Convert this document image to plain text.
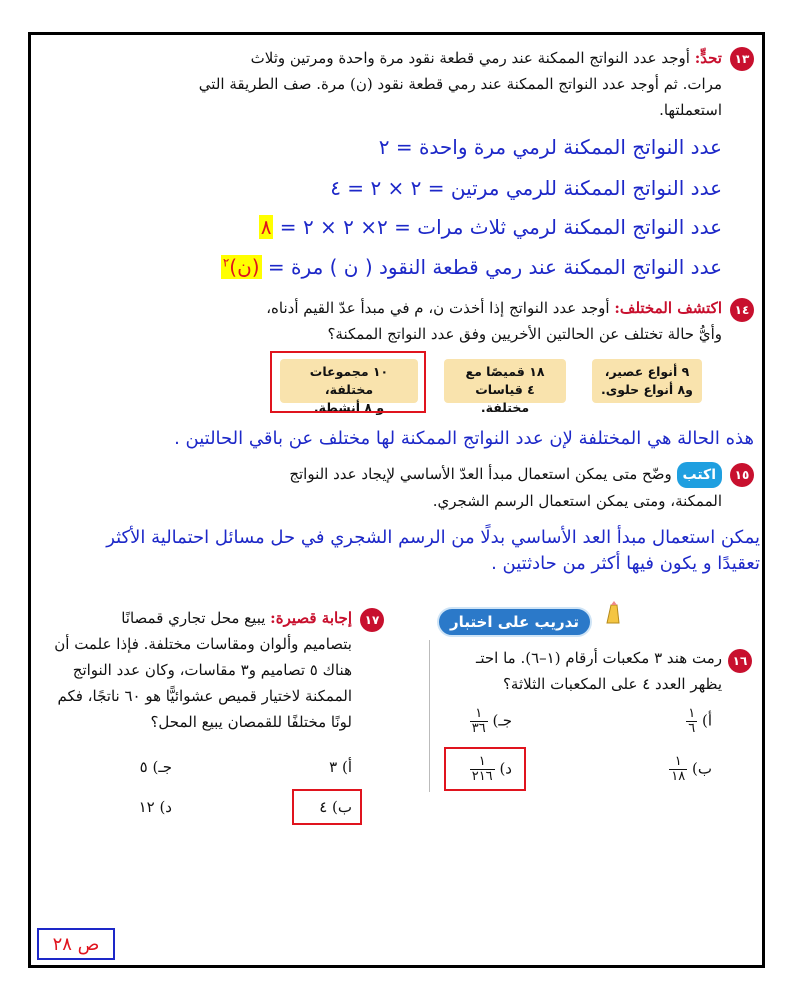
١٣
تحدٍّ: أوجد عدد النواتج الممكنة عند رمي قطعة نقود مرة واحدة ومرتين وثلاث
مرات. ثم أوجد عدد النواتج الممكنة عند رمي قطعة نقود (ن) مرة. صف الطريقة التي
استعملتها.
عدد النواتج الممكنة لرمي مرة واحدة = ٢
عدد النواتج الممكنة للرمي مرتين = ٢ × ٢ = ٤
عدد النواتج الممكنة لرمي ثلاث مرات = ٢× ٢ × ٢ = ٨
عدد النواتج الممكنة عند رمي قطعة النقود ( ن ) مرة = (ن)$^٢$
١٤
اكتشف المختلف: أوجد عدد النواتج إذا أخذت ن، م في مبدأ عدّ القيم أدناه،
وأيُّ حالة تختلف عن الحالتين الأخريين وفق عدد النواتج الممكنة؟
٩ أنواع عصير،
و٨ أنواع حلوى.
١٨ قميصًا مع
٤ قياسات مختلفة.
١٠ مجموعات مختلفة،
و ٨ أنشطة.
هذه الحالة هي المختلفة لإن عدد النواتج الممكنة لها مختلف عن باقي الحالتين .
١٥
اكتب وضّح متى يمكن استعمال مبدأ العدّ الأساسي لإيجاد عدد النواتج
الممكنة، ومتى يمكن استعمال الرسم الشجري.
يمكن استعمال مبدأ العد الأساسي بدلًا من الرسم الشجري في حل مسائل احتمالية الأكثر
تعقيدًا و يكون فيها أكثر من حادثتين .
تدريب على اختبار
١٦
رمت هند ٣ مكعبات أرقام (١–٦). ما احتـ
يظهر العدد ٤ على المكعبات الثلاثة؟
أ)
$\frac{١}{٦}$
جـ)
$\frac{١}{٣٦}$
ب)
$\frac{١}{١٨}$
د)
$\frac{١}{٢١٦}$
١٧
إجابة قصيرة: يبيع محل تجاري قمصانًا
بتصاميم وألوان ومقاسات مختلفة. فإذا علمت أن
هناك ٥ تصاميم و٣ مقاسات، وكان عدد النواتج
الممكنة لاختيار قميص عشوائيًّا هو ٦٠ ناتجًا، فكم
لونًا مختلفًا للقمصان يبيع المحل؟
أ) ٣
جـ) ٥
ب) ٤
د) ١٢
ص ٢٨
